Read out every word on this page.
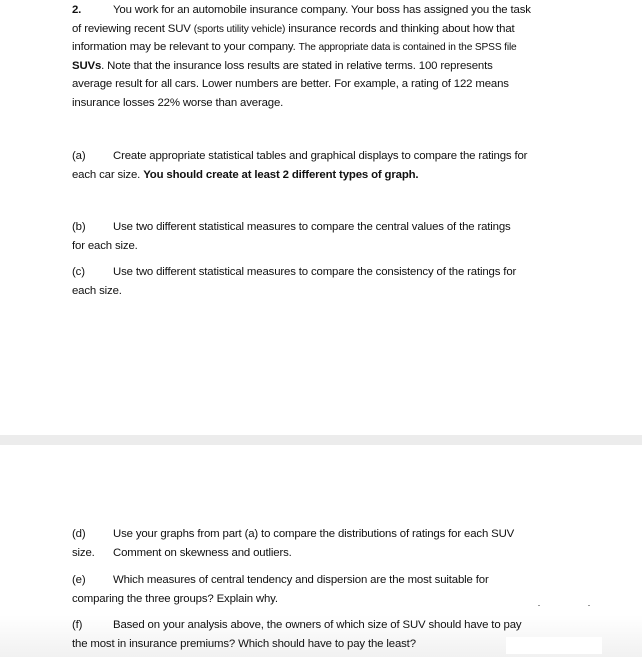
2.	You work for an automobile insurance company. Your boss has assigned you the task
of reviewing recent SUV (sports utility vehicle) insurance records and thinking about how that
information may be relevant to your company. The appropriate data is contained in the SPSS file
SUVs. Note that the insurance loss results are stated in relative terms. 100 represents
average result for all cars. Lower numbers are better. For example, a rating of 122 means
insurance losses 22% worse than average.
(a) Create appropriate statistical tables and graphical displays to compare the ratings for
each car size. You should create at least 2 different types of graph.
(b) Use two different statistical measures to compare the central values of the ratings
for each size.
(c) Use two different statistical measures to compare the consistency of the ratings for
each size.
(d) Use your graphs from part (a) to compare the distributions of ratings for each SUV
size. Comment on skewness and outliers.
(e) Which measures of central tendency and dispersion are the most suitable for
comparing the three groups? Explain why.
(f)	Based on your analysis above, the owners of which size of SUV should have to pay
the most in insurance premiums? Which should have to pay the least?
